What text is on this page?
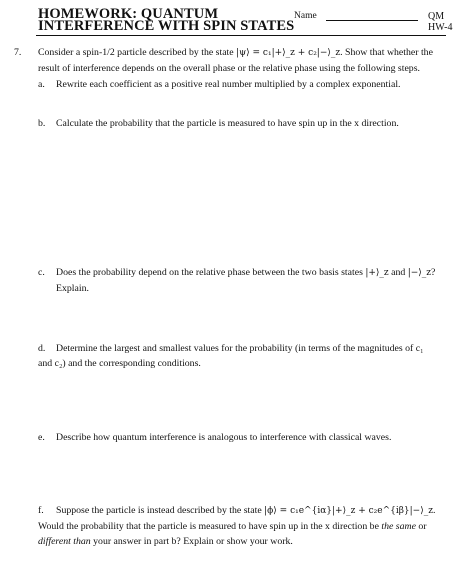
HOMEWORK: QUANTUM
INTERFERENCE WITH SPIN STATES
Name	QM
HW-4
7. Consider a spin-1/2 particle described by the state |ψ⟩ = c₁|+⟩_z + c₂|−⟩_z. Show that whether the result of interference depends on the overall phase or the relative phase using the following steps.
a. Rewrite each coefficient as a positive real number multiplied by a complex exponential.
b. Calculate the probability that the particle is measured to have spin up in the x direction.
c. Does the probability depend on the relative phase between the two basis states |+⟩_z and |−⟩_z?
Explain.
d. Determine the largest and smallest values for the probability (in terms of the magnitudes of c₁ and c₂) and the corresponding conditions.
e. Describe how quantum interference is analogous to interference with classical waves.
f. Suppose the particle is instead described by the state |ϕ⟩ = c₁e^{iα}|+⟩_z + c₂e^{iβ}|−⟩_z. Would the probability that the particle is measured to have spin up in the x direction be the same or different than your answer in part b? Explain or show your work.
